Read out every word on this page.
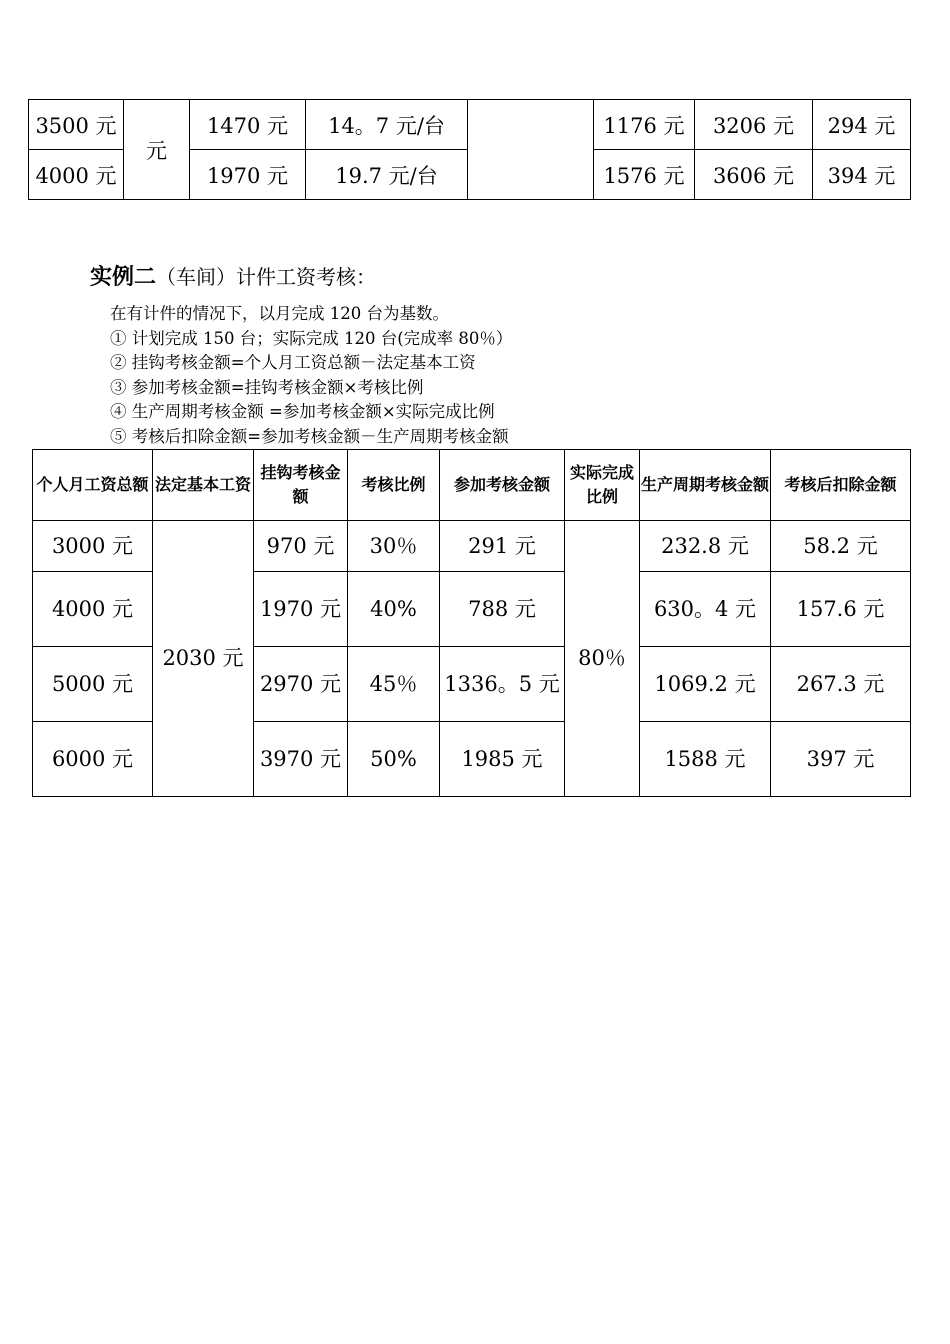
3500 元	元	1470 元	14。7 元/台		1176 元	3206 元	294 元
4000 元		1970 元	19.7 元/台		1576 元	3606 元	394 元
实例二（车间）计件工资考核：
在有计件的情况下，以月完成 120 台为基数。
① 计划完成 150 台；实际完成 120 台(完成率 80％）
② 挂钩考核金额=个人月工资总额－法定基本工资
③ 参加考核金额=挂钩考核金额×考核比例
④ 生产周期考核金额 =参加考核金额×实际完成比例
⑤ 考核后扣除金额=参加考核金额－生产周期考核金额
个人月工资总额	法定基本工资	挂钩考核金额	考核比例	参加考核金额	实际完成比例	生产周期考核金额	考核后扣除金额
3000 元	2030 元	970 元	30％	291 元	80％	232.8 元	58.2 元
4000 元		1970 元	40%	788 元		630。4 元	157.6 元
5000 元		2970 元	45％	1336。5 元		1069.2 元	267.3 元
6000 元		3970 元	50%	1985 元		1588 元	397 元
